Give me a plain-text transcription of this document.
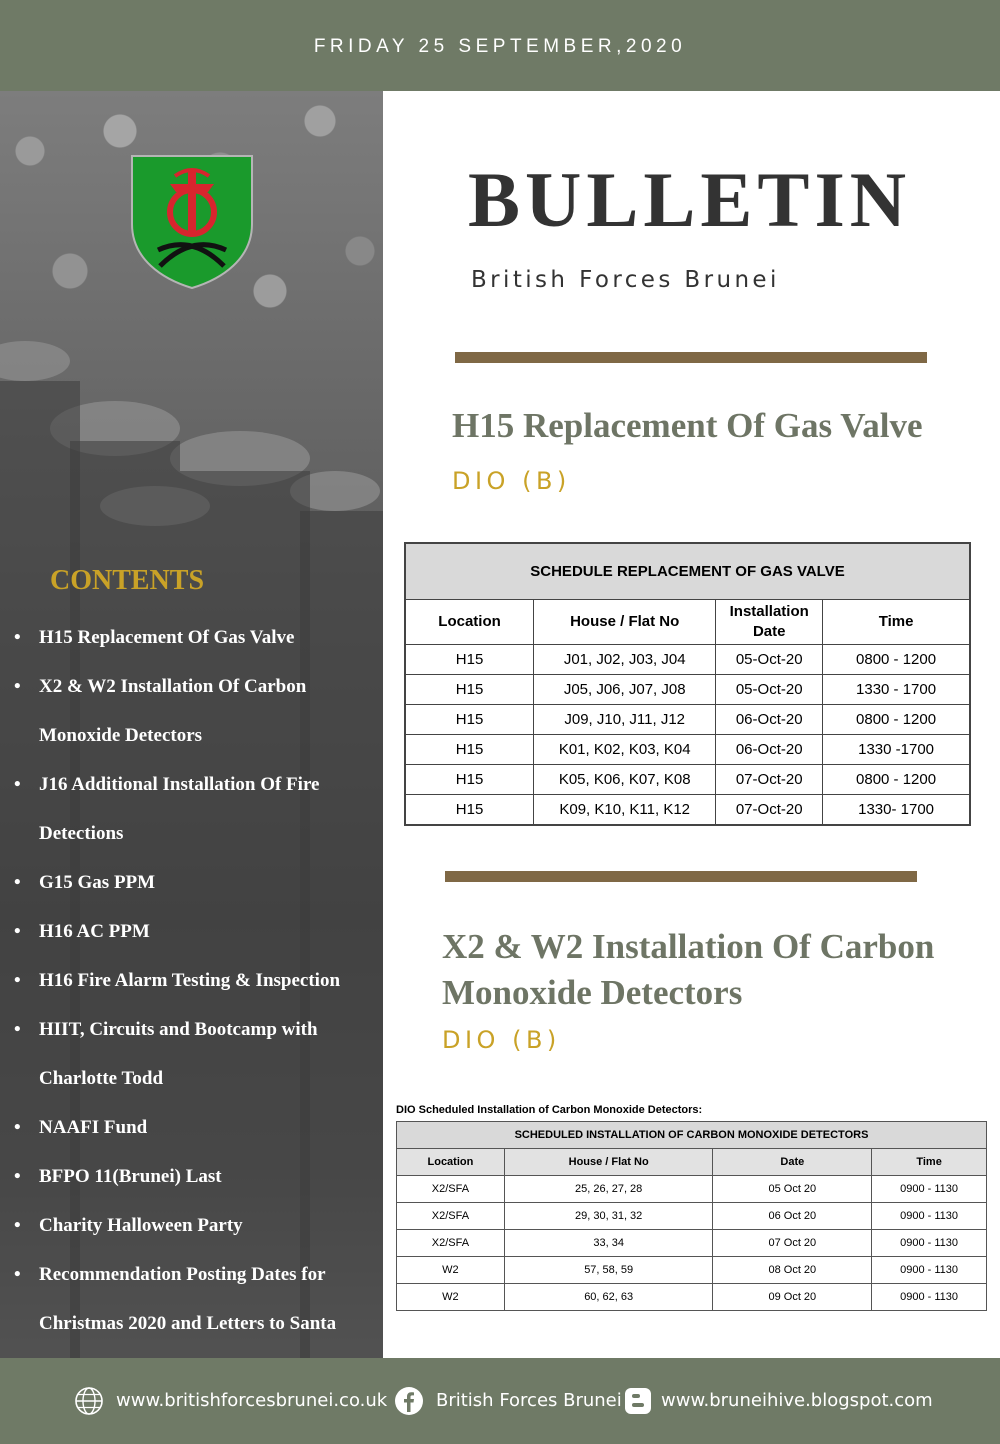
FRIDAY 25 SEPTEMBER,2020
CONTENTS
• H15 Replacement Of Gas Valve
• X2 & W2 Installation Of Carbon
Monoxide Detectors
• J16 Additional Installation Of Fire
Detections
• G15 Gas PPM
• H16 AC PPM
• H16 Fire Alarm Testing & Inspection
• HIIT, Circuits and Bootcamp with
Charlotte Todd
• NAAFI Fund
• BFPO 11(Brunei) Last
• Charity Halloween Party
• Recommendation Posting Dates for
Christmas 2020 and Letters to Santa
BULLETIN
British Forces Brunei
H15 Replacement Of Gas Valve
DIO (B)
SCHEDULE REPLACEMENT OF GAS VALVE			
Location	House / Flat No	Installation Date	Time
H15	J01, J02, J03, J04	05-Oct-20	0800 - 1200
H15	J05, J06, J07, J08	05-Oct-20	1330 - 1700
H15	J09, J10, J11, J12	06-Oct-20	0800 - 1200
H15	K01, K02, K03, K04	06-Oct-20	1330 -1700
H15	K05, K06, K07, K08	07-Oct-20	0800 - 1200
H15	K09, K10, K11, K12	07-Oct-20	1330- 1700
X2 & W2 Installation Of Carbon Monoxide Detectors
DIO (B)
DIO Scheduled Installation of Carbon Monoxide Detectors:
SCHEDULED INSTALLATION OF CARBON MONOXIDE DETECTORS			
Location	House / Flat No	Date	Time
X2/SFA	25, 26, 27, 28	05 Oct 20	0900 - 1130
X2/SFA	29, 30, 31, 32	06 Oct 20	0900 - 1130
X2/SFA	33, 34	07 Oct 20	0900 - 1130
W2	57, 58, 59	08 Oct 20	0900 - 1130
W2	60, 62, 63	09 Oct 20	0900 - 1130
www.britishforcesbrunei.co.uk	British Forces Brunei www.bruneihive.blogspot.com
